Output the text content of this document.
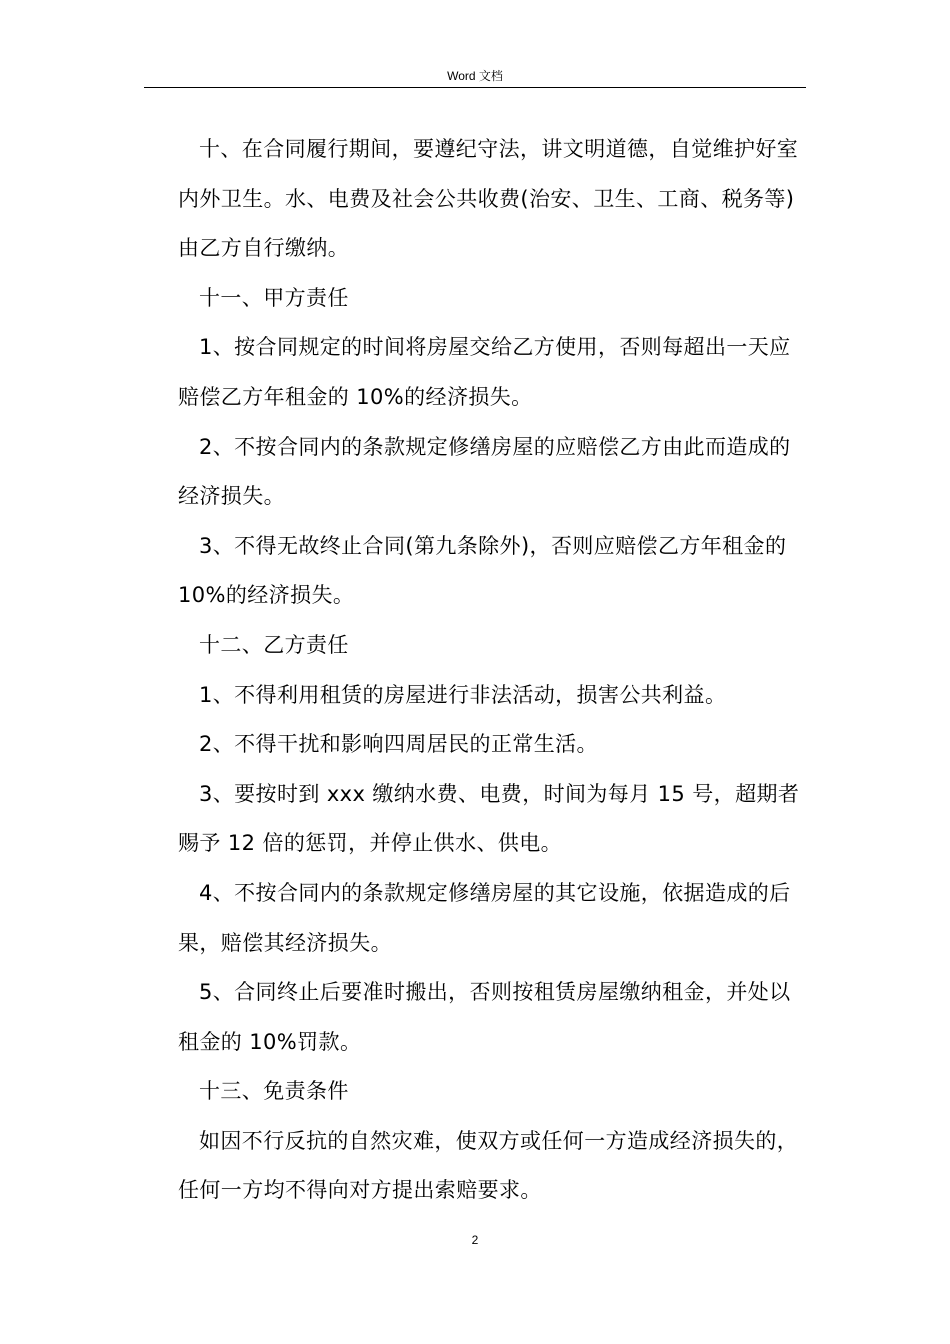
Word 文档

十、在合同履行期间，要遵纪守法，讲文明道德，自觉维护好室内外卫生。水、电费及社会公共收费(治安、卫生、工商、税务等)由乙方自行缴纳。

十一、甲方责任

1、按合同规定的时间将房屋交给乙方使用，否则每超出一天应赔偿乙方年租金的 10%的经济损失。

2、不按合同内的条款规定修缮房屋的应赔偿乙方由此而造成的经济损失。

3、不得无故终止合同(第九条除外)，否则应赔偿乙方年租金的10%的经济损失。

十二、乙方责任

1、不得利用租赁的房屋进行非法活动，损害公共利益。

2、不得干扰和影响四周居民的正常生活。

3、要按时到 xxx 缴纳水费、电费，时间为每月 15 号，超期者赐予 12 倍的惩罚，并停止供水、供电。

4、不按合同内的条款规定修缮房屋的其它设施，依据造成的后果，赔偿其经济损失。

5、合同终止后要准时搬出，否则按租赁房屋缴纳租金，并处以租金的 10%罚款。

十三、免责条件

如因不行反抗的自然灾难，使双方或任何一方造成经济损失的，任何一方均不得向对方提出索赔要求。

2
